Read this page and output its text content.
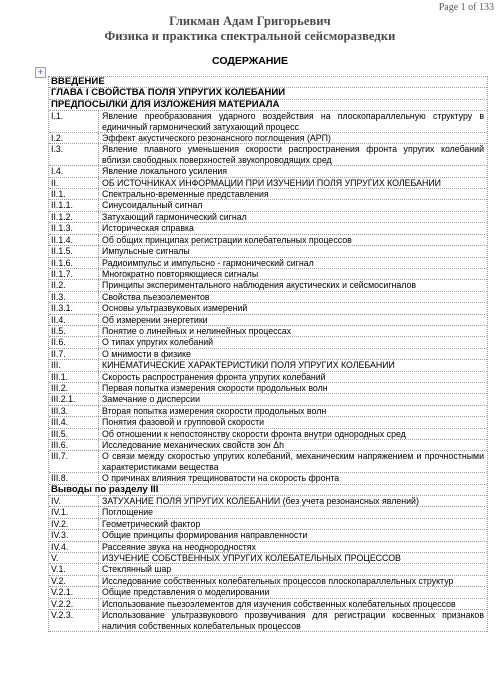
Page 1 of 133
Гликман Адам Григорьевич
Физика и практика спектральной сейсморазведки
СОДЕРЖАНИЕ
+
ВВЕДЕНИЕ
ГЛАВА I СВОЙСТВА ПОЛЯ УПРУГИХ КОЛЕБАНИИ
ПРЕДПОСЫЛКИ ДЛЯ ИЗЛОЖЕНИЯ МАТЕРИАЛА
I.1.	Явление преобразования ударного воздействия на плоскопараллельную структуру в единичный гармонический затухающий процесс
I.2.	Эффект акустического резонансного поглощения (АРП)
I.3.	Явление плавного уменьшения скорости распространения фронта упругих колебаний вблизи свободных поверхностей звукопроводящих сред
I.4.	Явление локального усиления
II.	ОБ ИСТОЧНИКАХ ИНФОРМАЦИИ ПРИ ИЗУЧЕНИИ ПОЛЯ УПРУГИХ КОЛЕБАНИИ
II.1.	Спектрально-временные представления
II.1.1.	Синусоидальный сигнал
II.1.2.	Затухающий гармонический сигнал
II.1.3.	Историческая справка
II.1.4.	Об общих принципах регистрации колебательных процессов
II.1.5.	Импульсные сигналы
II.1.6.	Радиоимпульс и импульсно - гармонический сигнал
II.1.7.	Многократно повторяющиеся сигналы
II.2.	Принципы экспериментального наблюдения акустических и сейсмосигналов
II.3.	Свойства пьезоэлементов
II.3.1.	Основы ультразвуковых измерений
II.4.	Об измерении энергетики
II.5.	Понятие о линейных и нелинейных процессах
II.6.	О типах упругих колебаний
II.7.	О мнимости в физике
III.	КИНЕМАТИЧЕСКИЕ ХАРАКТЕРИСТИКИ ПОЛЯ УПРУГИХ КОЛЕБАНИИ
III.1.	Скорость распространения фронта упругих колебаний
III.2.	Первая попытка измерения скорости продольных волн
III.2.1.	Замечание о дисперсии
III.3.	Вторая попытка измерения скорости продольных волн
III.4.	Понятия фазовой и групповой скорости
III.5.	Об отношении к непостоянству скорости фронта внутри однородных сред
III.6.	Исследование механических свойств зон Δh
III.7.	О связи между скоростью упругих колебаний, механическим напряжением и прочностными характеристиками вещества
III.8.	О причинах влияния трещиноватости на скорость фронта
Выводы по разделу III
IV.	ЗАТУХАНИЕ ПОЛЯ УПРУГИХ КОЛЕБАНИИ (без учета резонансных явлений)
IV.1.	Поглощение
IV.2.	Геометрический фактор
IV.3.	Общие принципы формирования направленности
IV.4.	Рассеяние звука на неоднородностях
V.	ИЗУЧЕНИЕ СОБСТВЕННЫХ УПРУГИХ КОЛЕБАТЕЛЬНЫХ ПРОЦЕССОВ
V.1.	Стеклянный шар
V.2.	Исследование собственных колебательных процессов плоскопараллельных структур
V.2.1.	Общие представления о моделировании
V.2.2.	Использование пьезоэлементов для изучения собственных колебательных процессов
V.2.3.	Использование ультразвукового прозвучивания для регистрации косвенных признаков наличия собственных колебательных процессов
